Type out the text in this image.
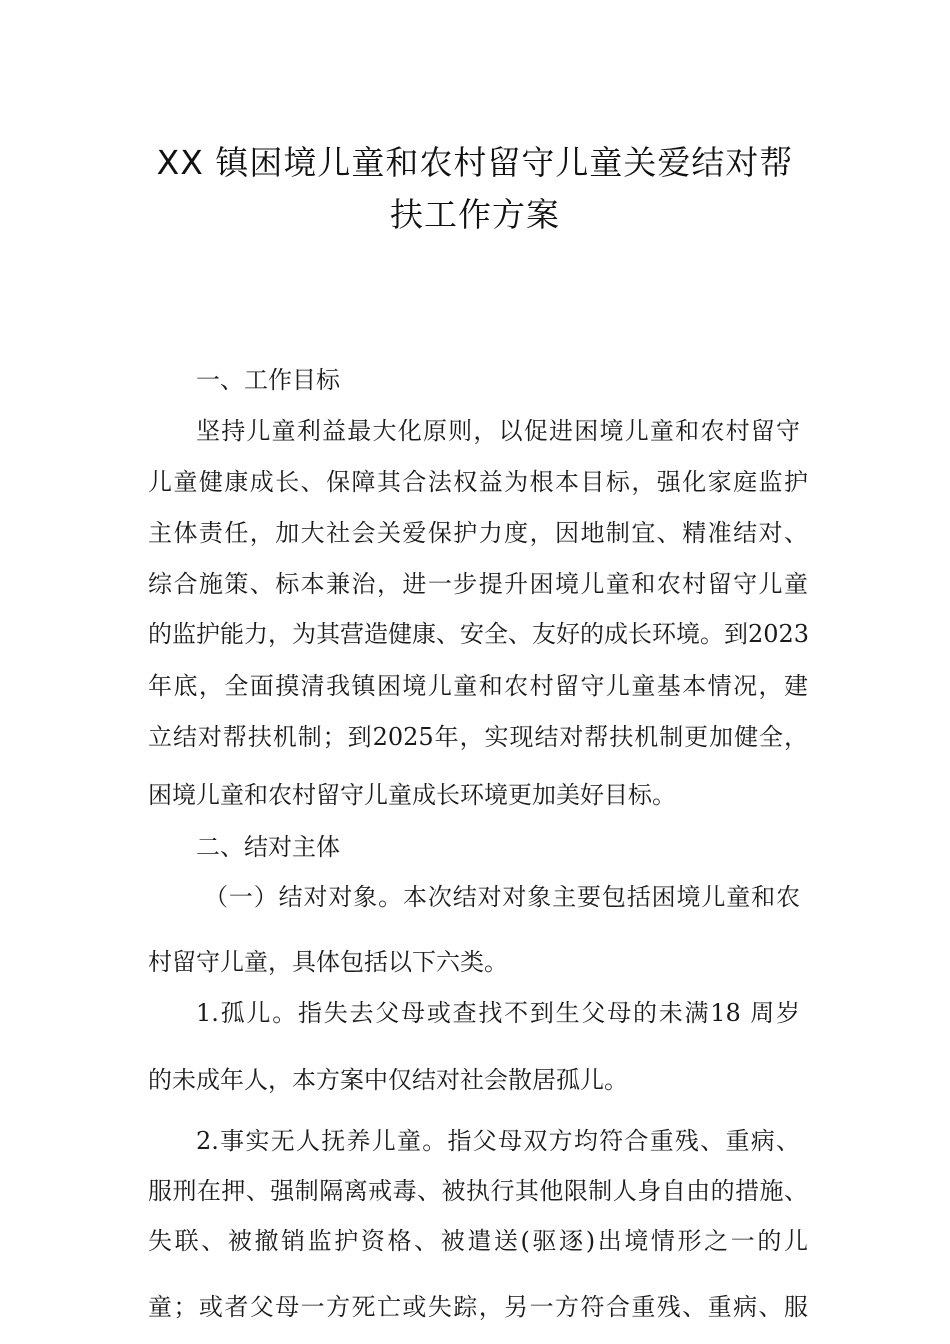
XX 镇困境儿童和农村留守儿童关爱结对帮
扶工作方案
一、工作目标
坚持儿童利益最大化原则，以促进困境儿童和农村留守
儿童健康成长、保障其合法权益为根本目标，强化家庭监护
主体责任，加大社会关爱保护力度，因地制宜、精准结对、
综合施策、标本兼治，进一步提升困境儿童和农村留守儿童
的监护能力，为其营造健康、安全、友好的成长环境。到2023
年底，全面摸清我镇困境儿童和农村留守儿童基本情况，建
立结对帮扶机制；到2025年，实现结对帮扶机制更加健全，
困境儿童和农村留守儿童成长环境更加美好目标。
二、结对主体
（一）结对对象。本次结对对象主要包括困境儿童和农
村留守儿童，具体包括以下六类。
1.孤儿。指失去父母或查找不到生父母的未满18 周岁
的未成年人，本方案中仅结对社会散居孤儿。
2.事实无人抚养儿童。指父母双方均符合重残、重病、
服刑在押、强制隔离戒毒、被执行其他限制人身自由的措施、
失联、被撤销监护资格、被遣送(驱逐)出境情形之一的儿
童；或者父母一方死亡或失踪，另一方符合重残、重病、服
